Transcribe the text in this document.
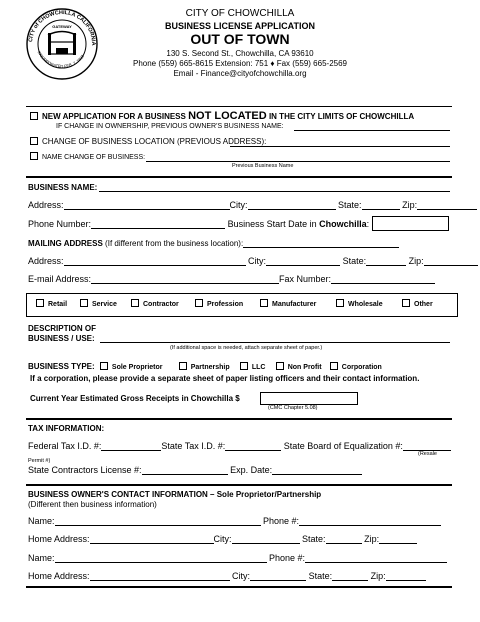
GATEWAY
CITY of CHOWCHILLA CALIFORNIA
INCORPORATED FEB. 7, 1923
CITY OF CHOWCHILLA
BUSINESS LICENSE APPLICATION
OUT OF TOWN
130 S. Second St., Chowchilla, CA 93610
Phone (559) 665-8615 Extension: 751 ♦ Fax (559) 665-2569
Email - Finance@cityofchowchilla.org
NEW APPLICATION FOR A BUSINESS NOT LOCATED IN THE CITY LIMITS OF CHOWCHILLA
IF CHANGE IN OWNERSHIP, PREVIOUS OWNER'S BUSINESS NAME:
CHANGE OF BUSINESS LOCATION (PREVIOUS ADDRESS):
NAME CHANGE OF BUSINESS:
Previous Business Name
BUSINESS NAME:
Address:	City:	State:	Zip:
Phone Number:	Business Start Date in Chowchilla:
MAILING ADDRESS (If different from the business location):
Address:	City:	State:	Zip:
E-mail Address:	Fax Number:
Retail	Service	Contractor	Profession	Manufacturer	Wholesale	Other
DESCRIPTION OF
BUSINESS / USE:
(If additional space is needed, attach separate sheet of paper.)
BUSINESS TYPE: Sole Proprietor	Partnership	LLC	Non Profit	Corporation
If a corporation, please provide a separate sheet of paper listing officers and their contact information.
Current Year Estimated Gross Receipts in Chowchilla $
(CMC Chapter 5.08)
TAX INFORMATION:
Federal Tax I.D. #:	State Tax I.D. #:	State Board of Equalization #:
(Resale
Permit #)
State Contractors License #:	Exp. Date:
BUSINESS OWNER'S CONTACT INFORMATION – Sole Proprietor/Partnership
(Different then business information)
Name:	Phone #:
Home Address:	City:	State:	Zip:
Name:	Phone #:
Home Address:	City:	State:	Zip:
